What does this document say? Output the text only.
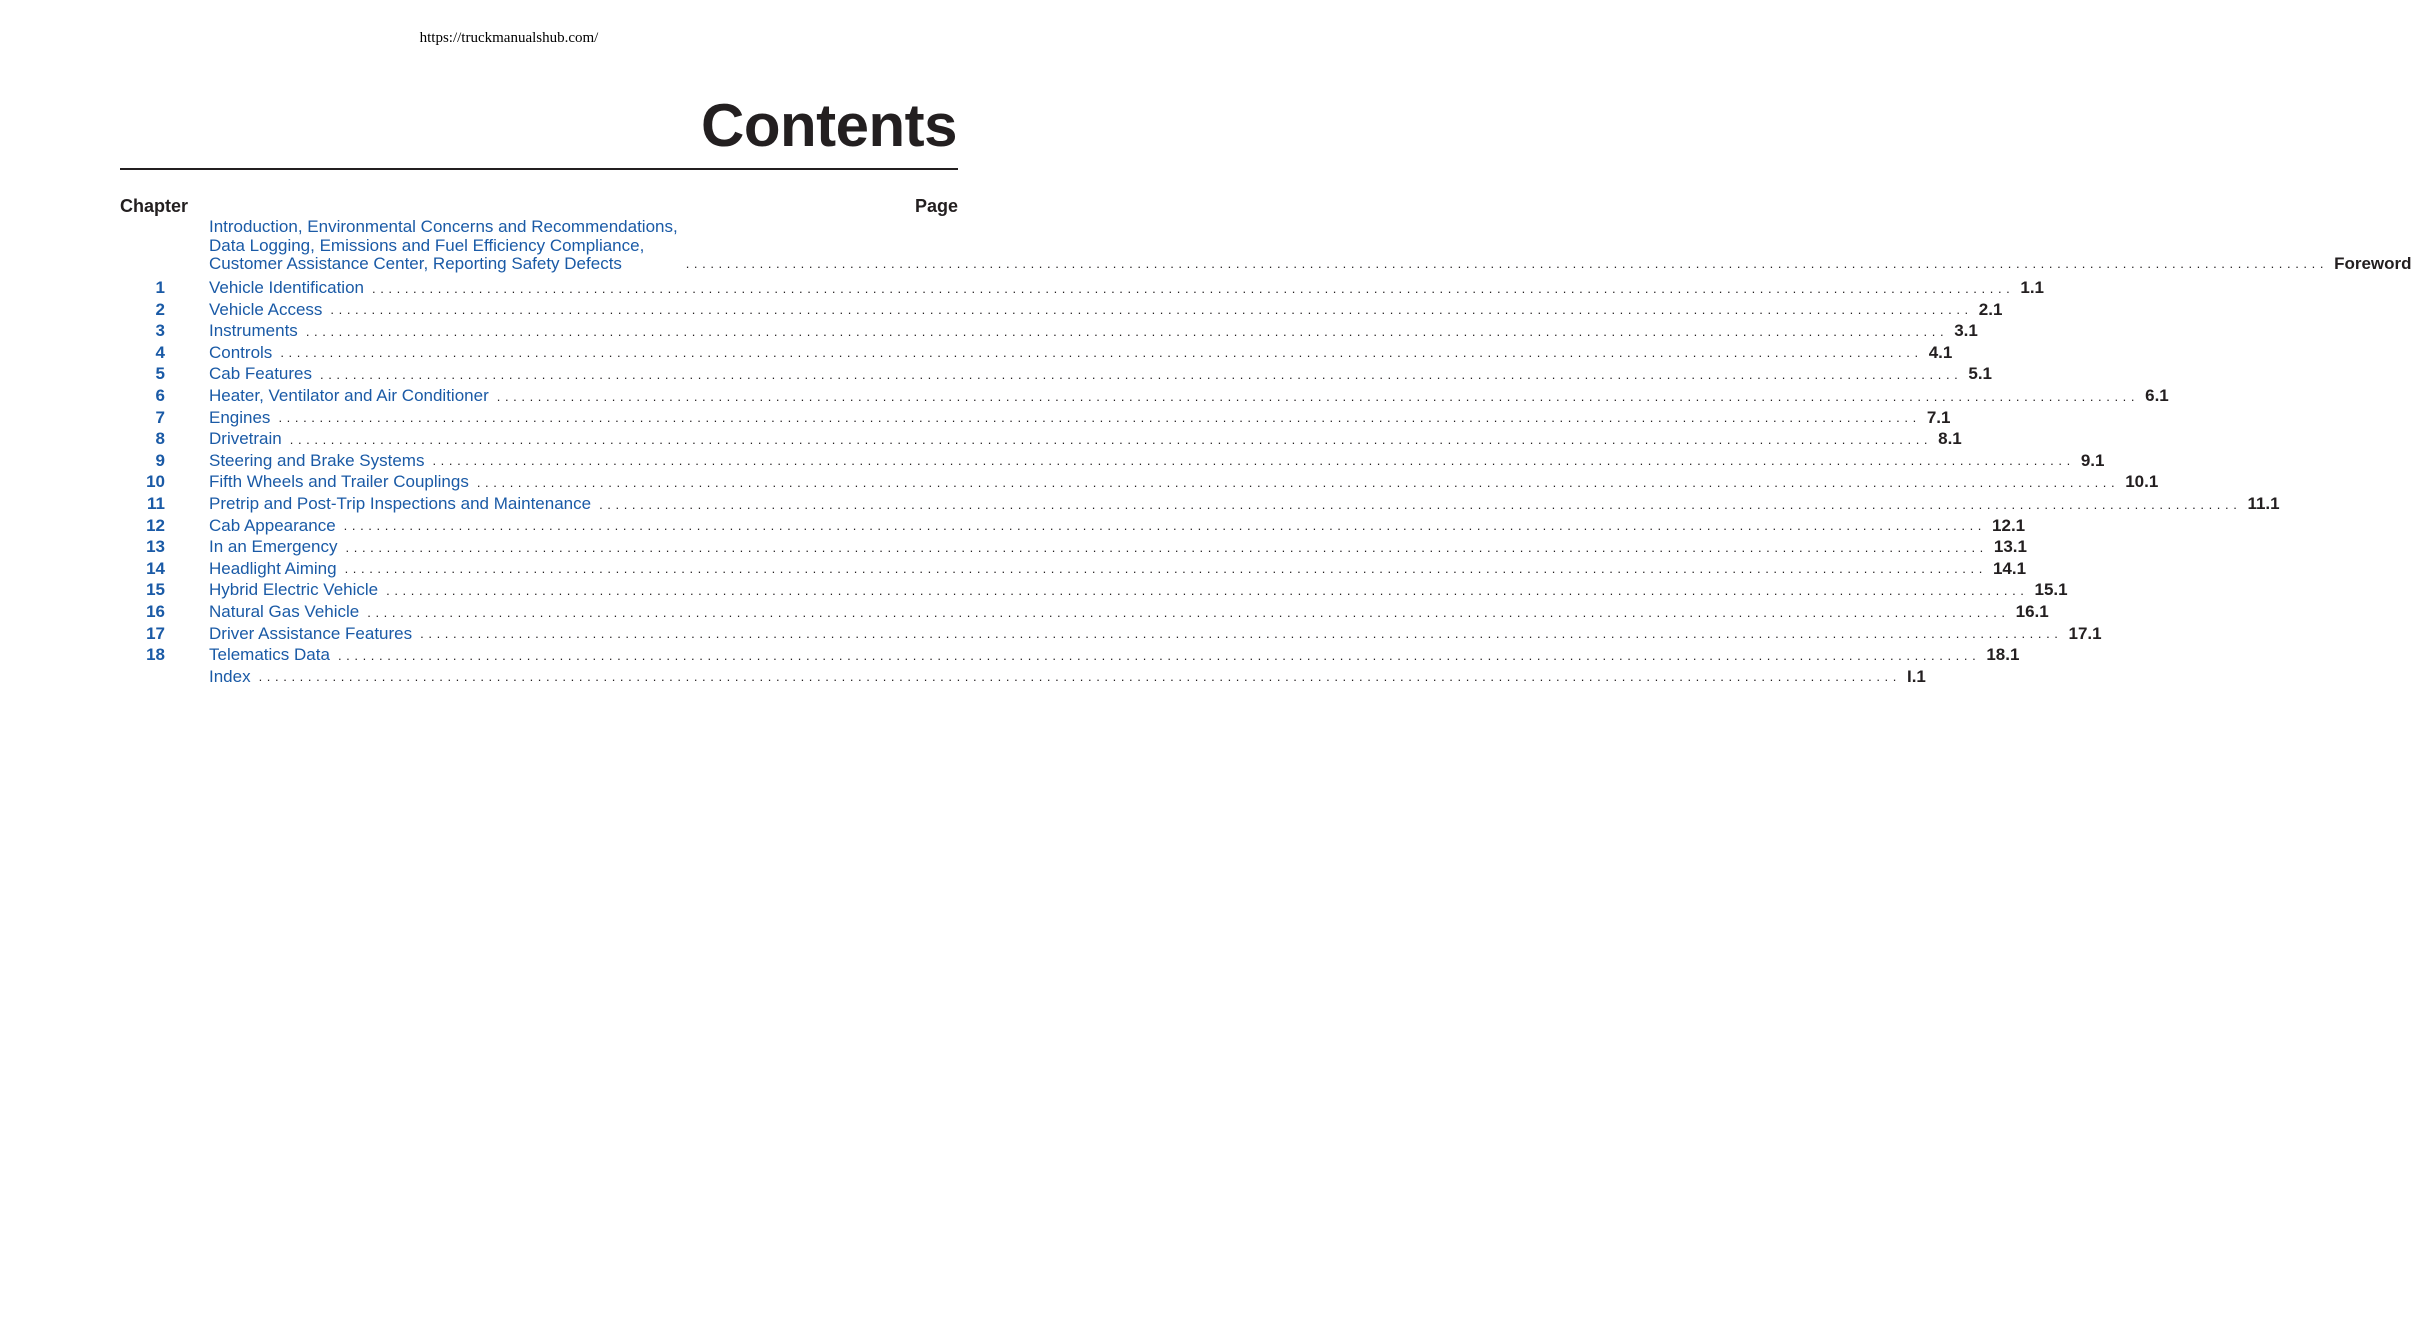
https://truckmanualshub.com/
Contents
Chapter	Page
Introduction, Environmental Concerns and Recommendations,
Data Logging, Emissions and Fuel Efficiency Compliance,
Customer Assistance Center, Reporting Safety Defects	........................................................................................................................................................................................................ Foreword
1	Vehicle Identification ........................................................................................................................................................................................................ 1.1
2	Vehicle Access ........................................................................................................................................................................................................ 2.1
3	Instruments ........................................................................................................................................................................................................ 3.1
4	Controls ........................................................................................................................................................................................................ 4.1
5	Cab Features ........................................................................................................................................................................................................ 5.1
6	Heater, Ventilator and Air Conditioner ........................................................................................................................................................................................................ 6.1
7	Engines ........................................................................................................................................................................................................ 7.1
8	Drivetrain ........................................................................................................................................................................................................ 8.1
9	Steering and Brake Systems ........................................................................................................................................................................................................ 9.1
10	Fifth Wheels and Trailer Couplings ........................................................................................................................................................................................................ 10.1
11	Pretrip and Post-Trip Inspections and Maintenance ........................................................................................................................................................................................................ 11.1
12	Cab Appearance ........................................................................................................................................................................................................ 12.1
13	In an Emergency ........................................................................................................................................................................................................ 13.1
14	Headlight Aiming ........................................................................................................................................................................................................ 14.1
15	Hybrid Electric Vehicle ........................................................................................................................................................................................................ 15.1
16	Natural Gas Vehicle ........................................................................................................................................................................................................ 16.1
17	Driver Assistance Features ........................................................................................................................................................................................................ 17.1
18	Telematics Data ........................................................................................................................................................................................................ 18.1
Index ........................................................................................................................................................................................................ I.1
